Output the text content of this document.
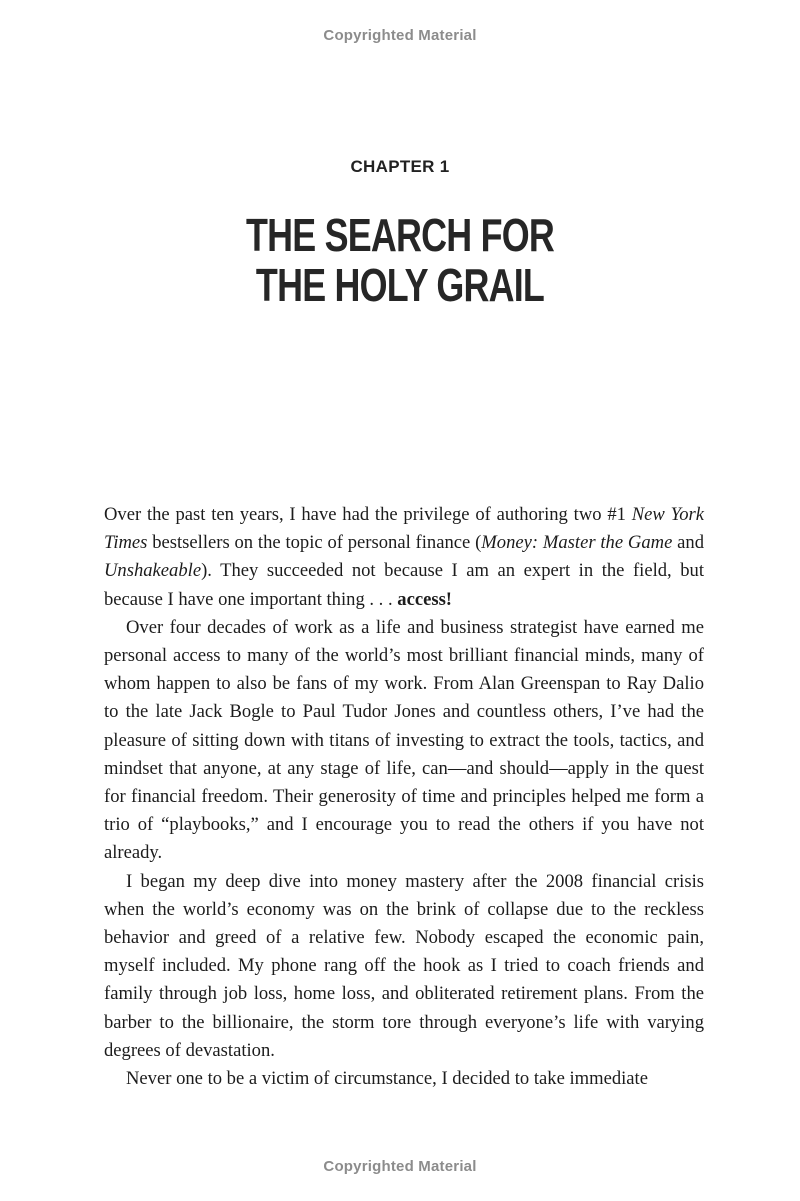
Copyrighted Material
CHAPTER 1
THE SEARCH FOR
THE HOLY GRAIL

Over the past ten years, I have had the privilege of authoring two #1 New York Times bestsellers on the topic of personal finance (Money: Master the Game and Unshakeable). They succeeded not because I am an expert in the field, but because I have one important thing . . . access!

Over four decades of work as a life and business strategist have earned me personal access to many of the world’s most brilliant financial minds, many of whom happen to also be fans of my work. From Alan Greenspan to Ray Dalio to the late Jack Bogle to Paul Tudor Jones and countless others, I’ve had the pleasure of sitting down with titans of investing to extract the tools, tactics, and mindset that anyone, at any stage of life, can—and should—apply in the quest for financial freedom. Their generosity of time and principles helped me form a trio of “playbooks,” and I encourage you to read the others if you have not already.

I began my deep dive into money mastery after the 2008 financial crisis when the world’s economy was on the brink of collapse due to the reckless behavior and greed of a relative few. Nobody escaped the economic pain, myself included. My phone rang off the hook as I tried to coach friends and family through job loss, home loss, and obliterated retirement plans. From the barber to the billionaire, the storm tore through everyone’s life with varying degrees of devastation.

Never one to be a victim of circumstance, I decided to take immediate

Copyrighted Material
